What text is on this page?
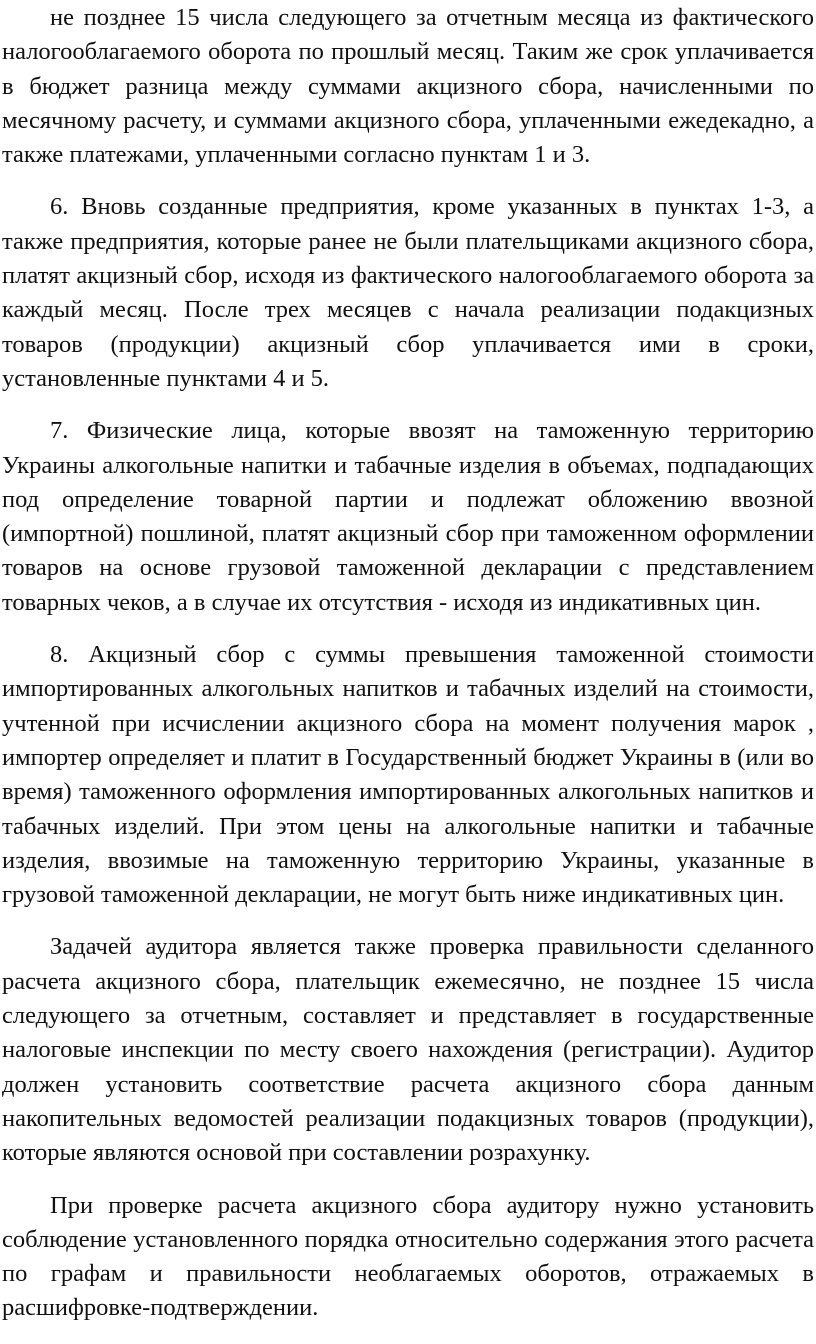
не позднее 15 числа следующего за отчетным месяца из фактического налогооблагаемого оборота по прошлый месяц. Таким же срок уплачивается в бюджет разница между суммами акцизного сбора, начисленными по месячному расчету, и суммами акцизного сбора, уплаченными ежедекадно, а также платежами, уплаченными согласно пунктам 1 и 3.

6. Вновь созданные предприятия, кроме указанных в пунктах 1-3, а также предприятия, которые ранее не были плательщиками акцизного сбора, платят акцизный сбор, исходя из фактического налогооблагаемого оборота за каждый месяц. После трех месяцев с начала реализации подакцизных товаров (продукции) акцизный сбор уплачивается ими в сроки, установленные пунктами 4 и 5.

7. Физические лица, которые ввозят на таможенную территорию Украины алкогольные напитки и табачные изделия в объемах, подпадающих под определение товарной партии и подлежат обложению ввозной (импортной) пошлиной, платят акцизный сбор при таможенном оформлении товаров на основе грузовой таможенной декларации с представлением товарных чеков, а в случае их отсутствия - исходя из индикативных цин.

8. Акцизный сбор с суммы превышения таможенной стоимости импортированных алкогольных напитков и табачных изделий на стоимости, учтенной при исчислении акцизного сбора на момент получения марок , импортер определяет и платит в Государственный бюджет Украины в (или во время) таможенного оформления импортированных алкогольных напитков и табачных изделий. При этом цены на алкогольные напитки и табачные изделия, ввозимые на таможенную территорию Украины, указанные в грузовой таможенной декларации, не могут быть ниже индикативных цин.

Задачей аудитора является также проверка правильности сделанного расчета акцизного сбора, плательщик ежемесячно, не позднее 15 числа следующего за отчетным, составляет и представляет в государственные налоговые инспекции по месту своего нахождения (регистрации). Аудитор должен установить соответствие расчета акцизного сбора данным накопительных ведомостей реализации подакцизных товаров (продукции), которые являются основой при составлении розрахунку.

При проверке расчета акцизного сбора аудитору нужно установить соблюдение установленного порядка относительно содержания этого расчета по графам и правильности необлагаемых оборотов, отражаемых в расшифровке-подтверждении.
